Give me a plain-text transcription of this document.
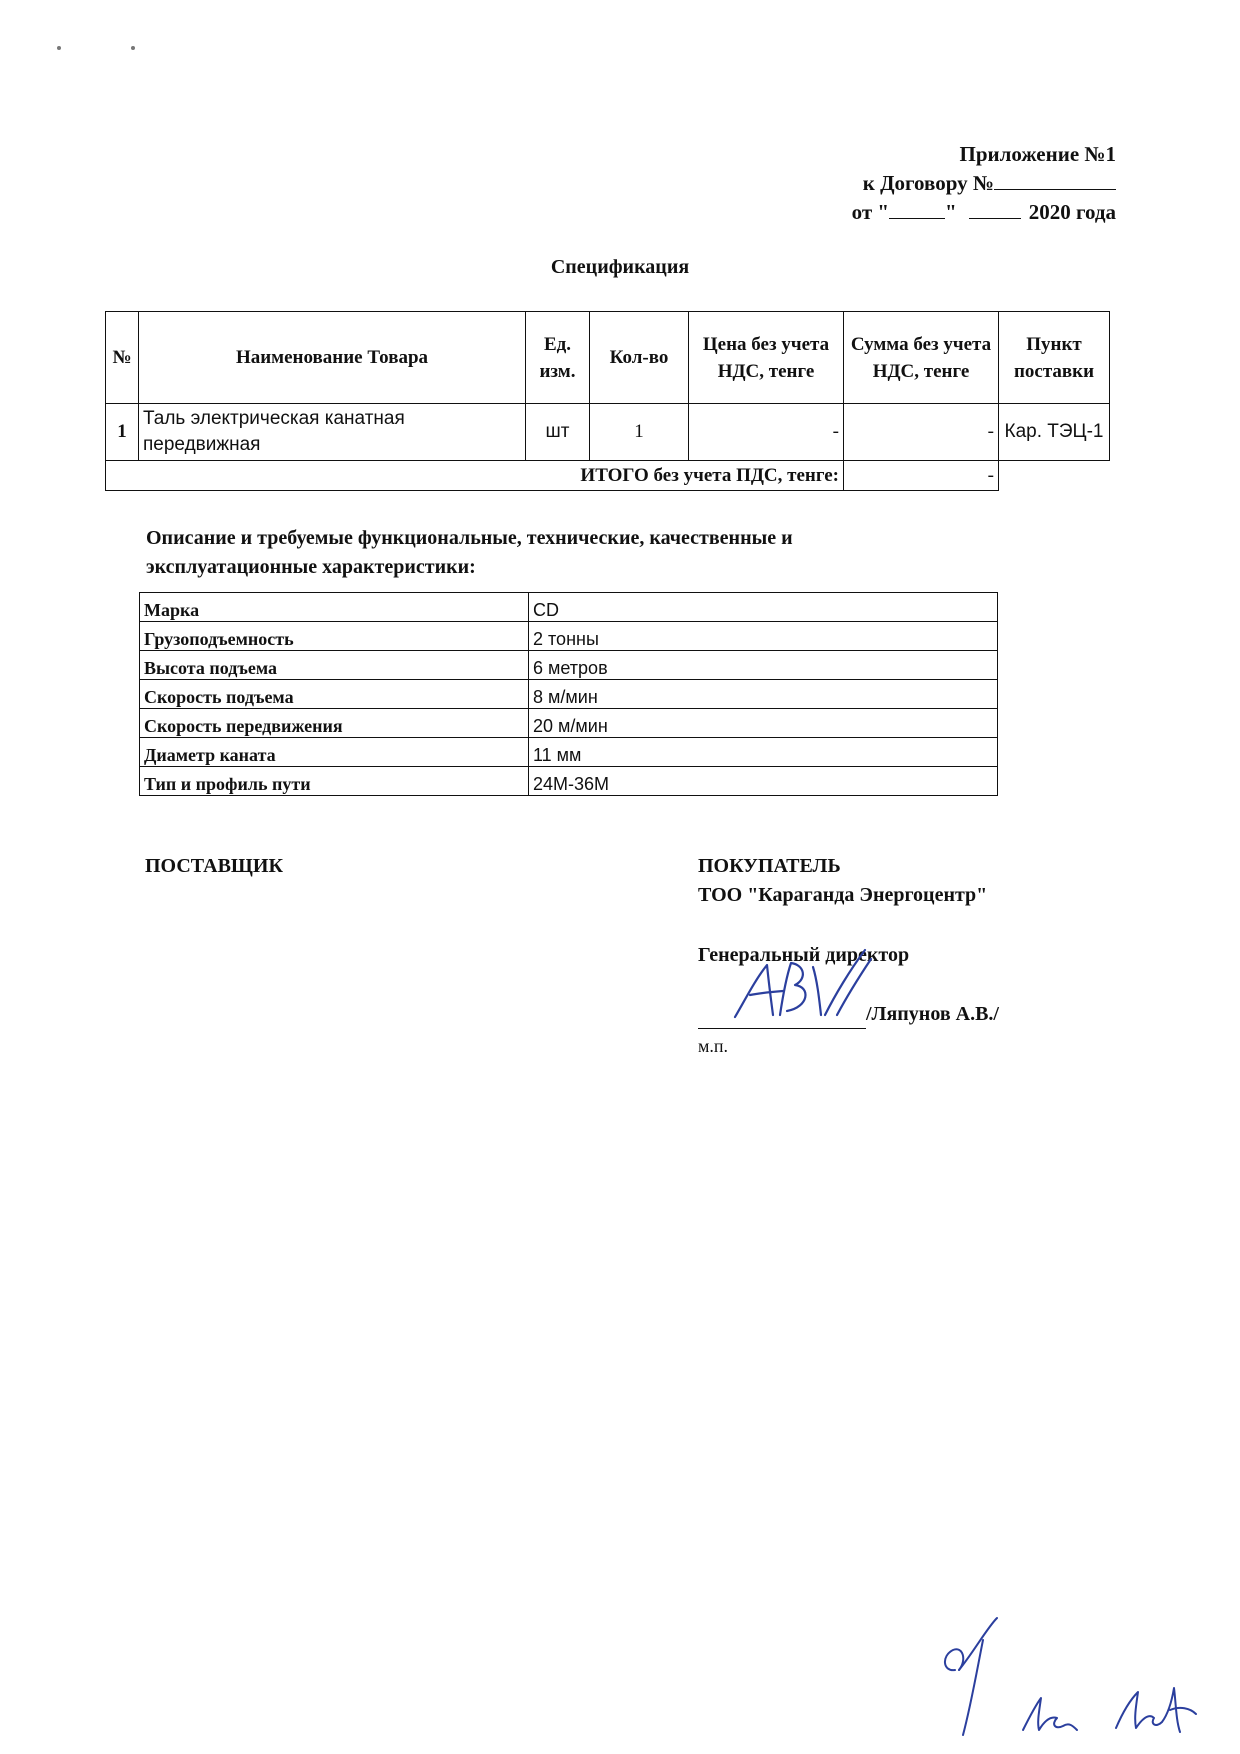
Приложение №1
к Договору №
от "	"	2020 года
Спецификация
№	Наименование Товара	Ед. изм.	Кол-во	Цена без учета НДС, тенге	Сумма без учета НДС, тенге	Пункт поставки
1	Таль электрическая канатная передвижная	шт	1	-	-	Кар. ТЭЦ-1
ИТОГО без учета ПДС, тенге:					-	
Описание и требуемые функциональные, технические, качественные и эксплуатационные характеристики:
Марка	CD
Грузоподъемность	2 тонны
Высота подъема	6 метров
Скорость подъема	8 м/мин
Скорость передвижения	20 м/мин
Диаметр каната	11 мм
Тип и профиль пути	24М-36М
ПОСТАВЩИК	ПОКУПАТЕЛЬ
ТОО "Караганда Энергоцентр"
Генеральный директор
/Ляпунов А.В./
м.п.
